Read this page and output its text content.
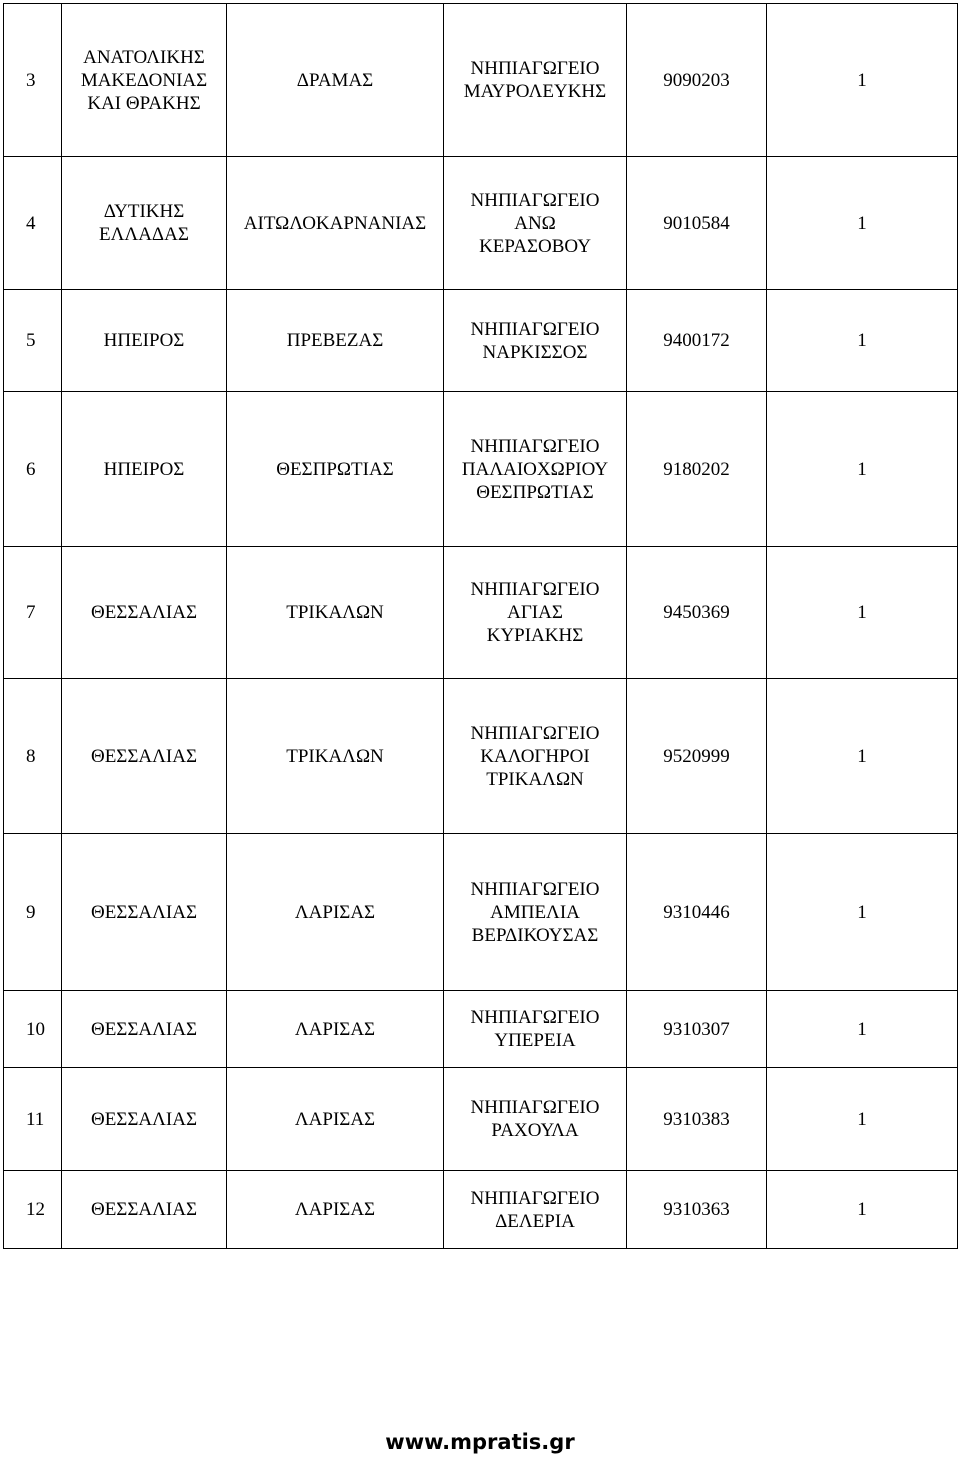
3	ΑΝΑΤΟΛΙΚΗΣ
ΜΑΚΕΔΟΝΙΑΣ
ΚΑΙ ΘΡΑΚΗΣ	ΔΡΑΜΑΣ	ΝΗΠΙΑΓΩΓΕΙΟ
ΜΑΥΡΟΛΕΥΚΗΣ	9090203	1
4	ΔΥΤΙΚΗΣ
ΕΛΛΑΔΑΣ	ΑΙΤΩΛΟΚΑΡΝΑΝΙΑΣ	ΝΗΠΙΑΓΩΓΕΙΟ
ΑΝΩ
ΚΕΡΑΣΟΒΟΥ	9010584	1
5	ΗΠΕΙΡΟΣ	ΠΡΕΒΕΖΑΣ	ΝΗΠΙΑΓΩΓΕΙΟ
ΝΑΡΚΙΣΣΟΣ	9400172	1
6	ΗΠΕΙΡΟΣ	ΘΕΣΠΡΩΤΙΑΣ	ΝΗΠΙΑΓΩΓΕΙΟ
ΠΑΛΑΙΟΧΩΡΙΟΥ
ΘΕΣΠΡΩΤΙΑΣ	9180202	1
7	ΘΕΣΣΑΛΙΑΣ	ΤΡΙΚΑΛΩΝ	ΝΗΠΙΑΓΩΓΕΙΟ
ΑΓΙΑΣ
ΚΥΡΙΑΚΗΣ	9450369	1
8	ΘΕΣΣΑΛΙΑΣ	ΤΡΙΚΑΛΩΝ	ΝΗΠΙΑΓΩΓΕΙΟ
ΚΑΛΟΓΗΡΟΙ
ΤΡΙΚΑΛΩΝ	9520999	1
9	ΘΕΣΣΑΛΙΑΣ	ΛΑΡΙΣΑΣ	ΝΗΠΙΑΓΩΓΕΙΟ
ΑΜΠΕΛΙΑ
ΒΕΡΔΙΚΟΥΣΑΣ	9310446	1
10	ΘΕΣΣΑΛΙΑΣ	ΛΑΡΙΣΑΣ	ΝΗΠΙΑΓΩΓΕΙΟ
ΥΠΕΡΕΙΑ	9310307	1
11	ΘΕΣΣΑΛΙΑΣ	ΛΑΡΙΣΑΣ	ΝΗΠΙΑΓΩΓΕΙΟ
ΡΑΧΟΥΛΑ	9310383	1
12	ΘΕΣΣΑΛΙΑΣ	ΛΑΡΙΣΑΣ	ΝΗΠΙΑΓΩΓΕΙΟ
ΔΕΛΕΡΙΑ	9310363	1
www.mpratis.gr
